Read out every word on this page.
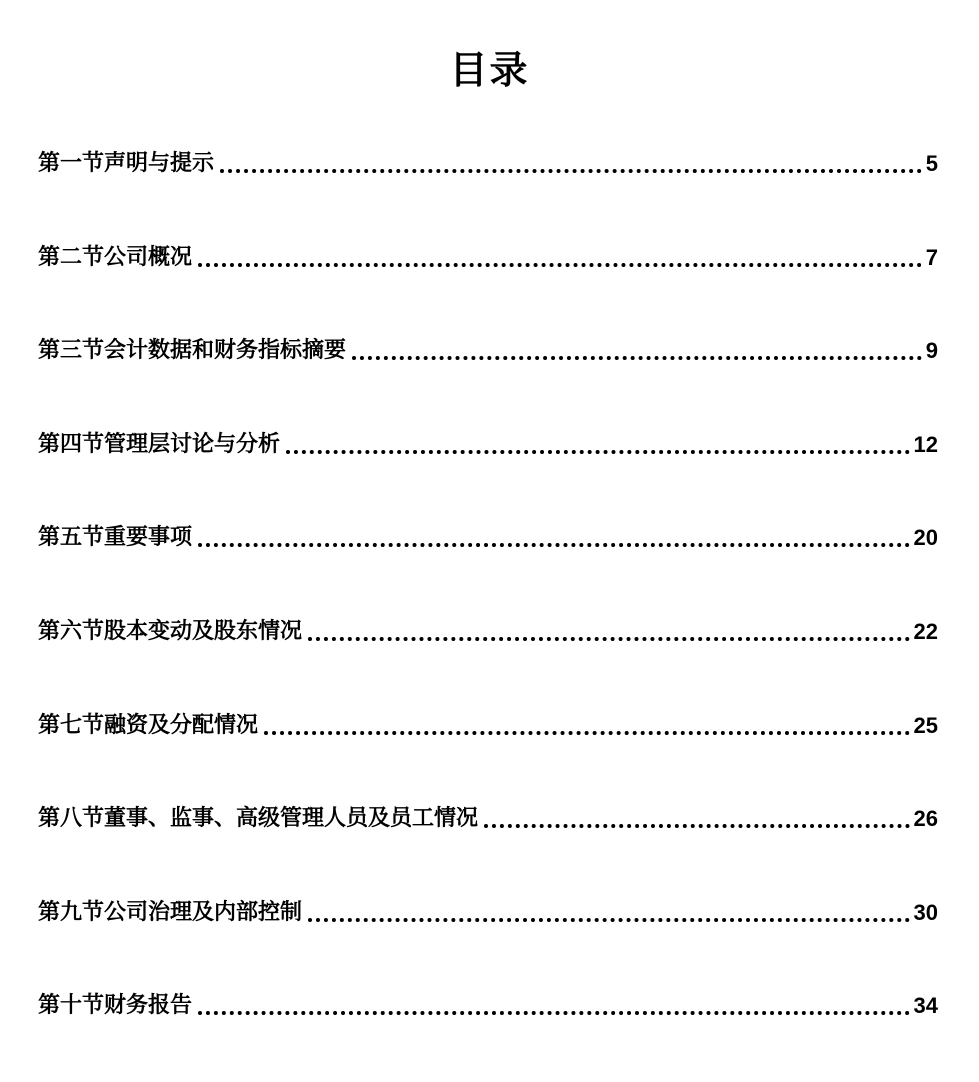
目录
第一节声明与提示	5
第二节公司概况	7
第三节会计数据和财务指标摘要	9
第四节管理层讨论与分析	12
第五节重要事项	20
第六节股本变动及股东情况	22
第七节融资及分配情况	25
第八节董事、监事、高级管理人员及员工情况	26
第九节公司治理及内部控制	30
第十节财务报告	34
